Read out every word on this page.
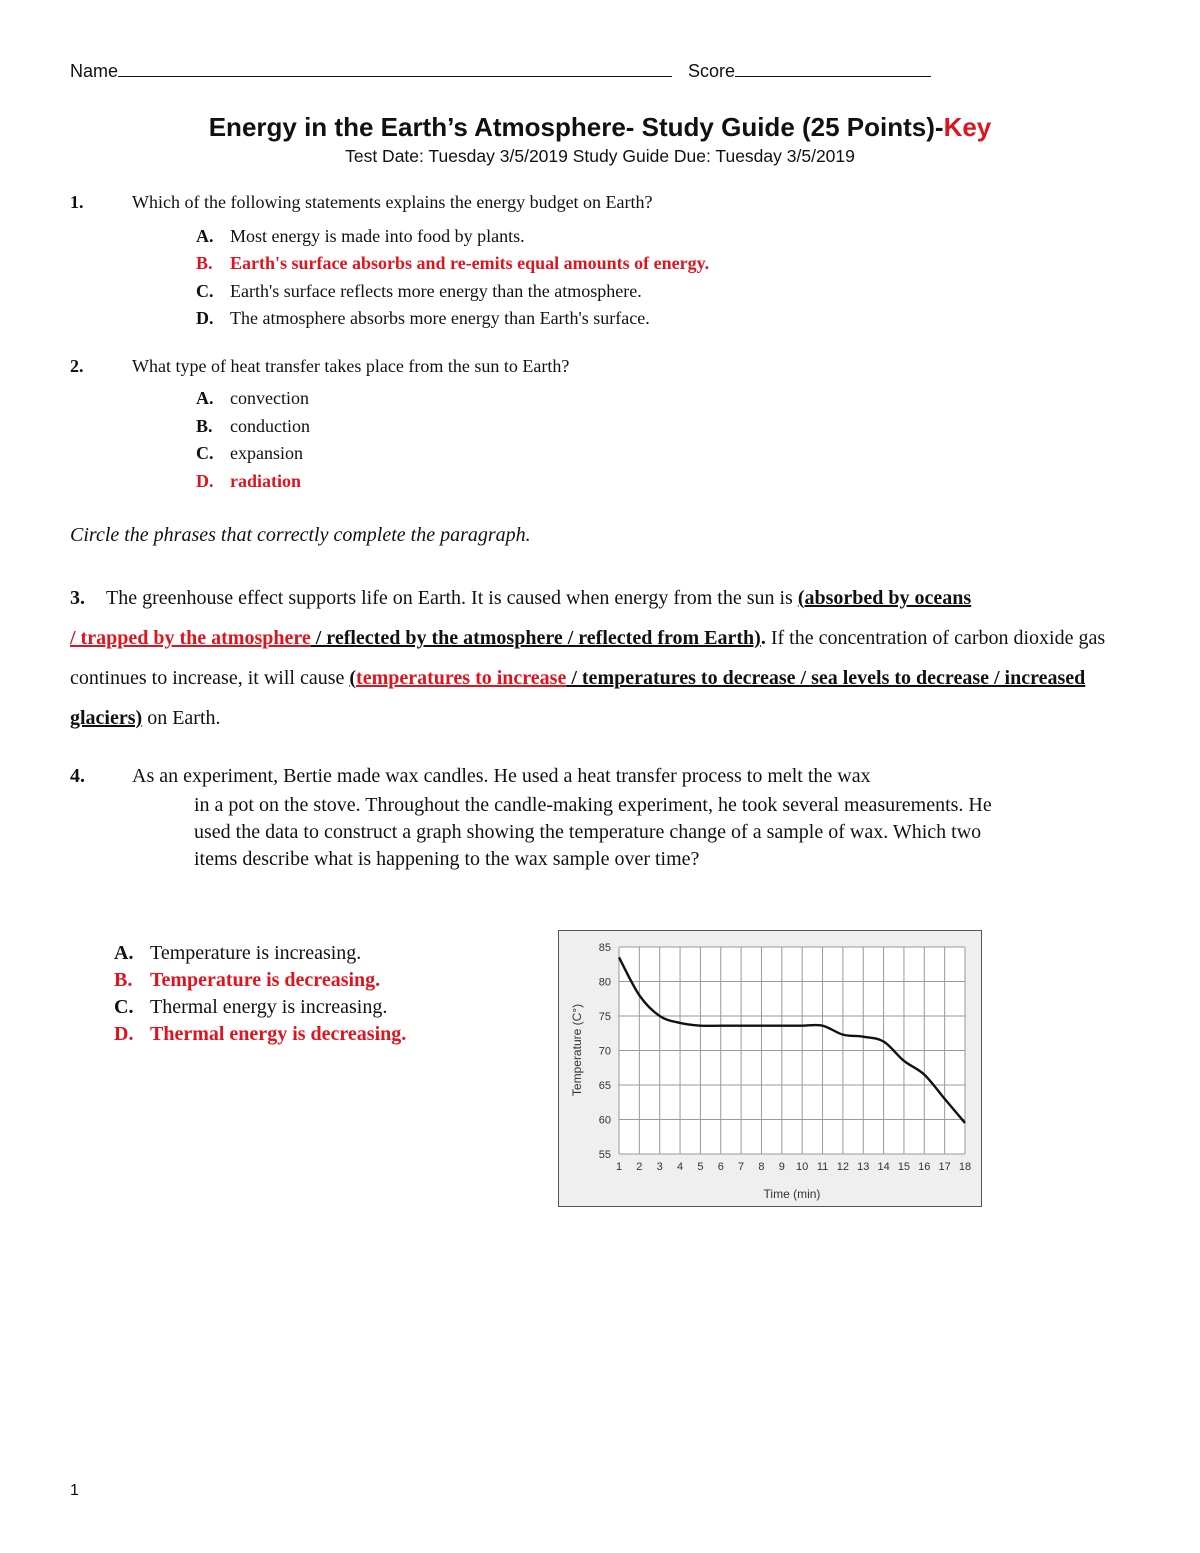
Name	Score
Energy in the Earth’s Atmosphere- Study Guide (25 Points)-Key
Test Date: Tuesday 3/5/2019 Study Guide Due: Tuesday 3/5/2019
1.	Which of the following statements explains the energy budget on Earth?
A. Most energy is made into food by plants.
B. Earth's surface absorbs and re-emits equal amounts of energy.
C. Earth's surface reflects more energy than the atmosphere.
D. The atmosphere absorbs more energy than Earth's surface.
2.	What type of heat transfer takes place from the sun to Earth?
A. convection
B. conduction
C. expansion
D. radiation
Circle the phrases that correctly complete the paragraph.
3. The greenhouse effect supports life on Earth. It is caused when energy from the sun is (absorbed by oceans
/ trapped by the atmosphere / reflected by the atmosphere / reflected from Earth). If the concentration of carbon dioxide gas continues to increase, it will cause (temperatures to increase / temperatures to decrease / sea levels to decrease / increased glaciers) on Earth.
4. As an experiment, Bertie made wax candles. He used a heat transfer process to melt the wax
in a pot on the stove. Throughout the candle-making experiment, he took several measurements. He used the data to construct a graph showing the temperature change of a sample of wax. Which two items describe what is happening to the wax sample over time?
A. Temperature is increasing.
B. Temperature is decreasing.
C. Thermal energy is increasing.
D. Thermal energy is decreasing.
1 2 3 4 5 6 7 8 9 10 11 12 13 14 15 16 17 18
55
60
65
70
75
80
85
Time (min)
Temperature (C°)
1
